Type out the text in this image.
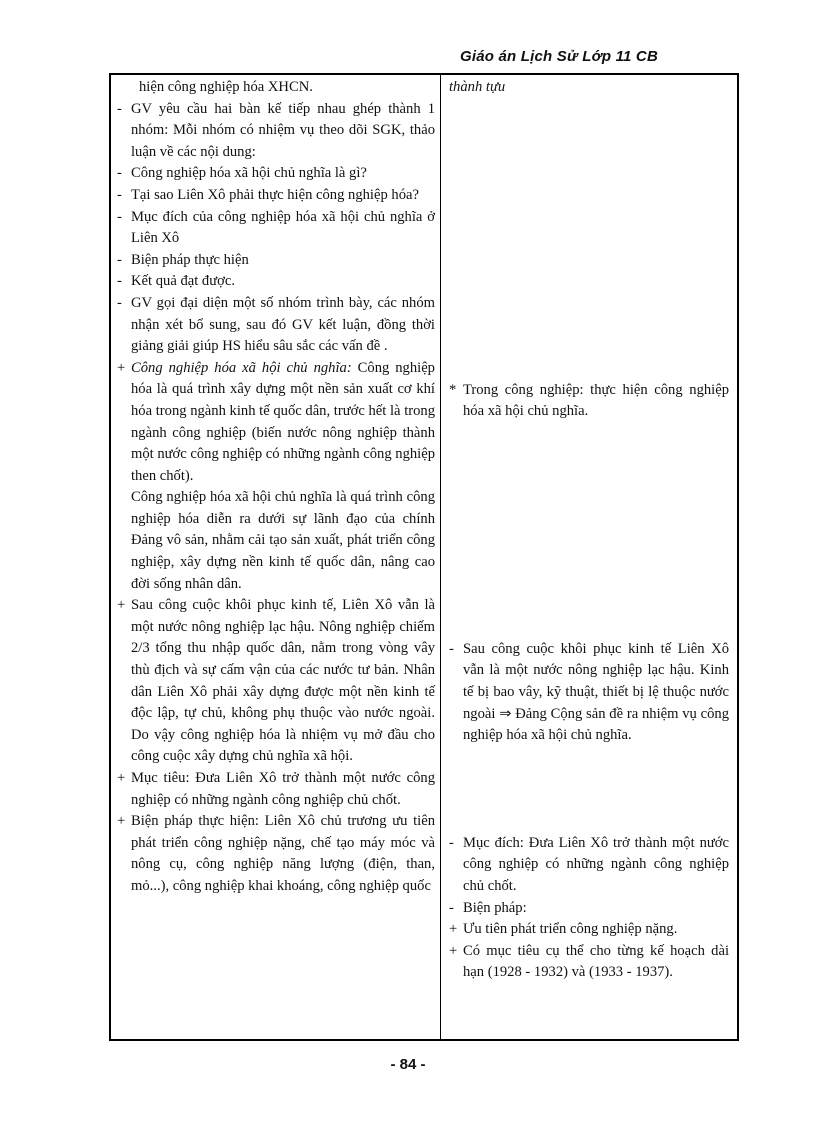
Giáo án Lịch Sử Lớp 11 CB
hiện công nghiệp hóa XHCN.
- GV yêu cầu hai bàn kế tiếp nhau ghép thành 1 nhóm: Mỗi nhóm có nhiệm vụ theo dõi SGK, thảo luận về các nội dung:
- Công nghiệp hóa xã hội chủ nghĩa là gì?
- Tại sao Liên Xô phải thực hiện công nghiệp hóa?
- Mục đích của công nghiệp hóa xã hội chủ nghĩa ở Liên Xô
- Biện pháp thực hiện
- Kết quả đạt được.
- GV gọi đại diện một số nhóm trình bày, các nhóm nhận xét bổ sung, sau đó GV kết luận, đồng thời giảng giải giúp HS hiểu sâu sắc các vấn đề .
+ Công nghiệp hóa xã hội chủ nghĩa: Công nghiệp hóa là quá trình xây dựng một nền sản xuất cơ khí hóa trong ngành kinh tế quốc dân, trước hết là trong ngành công nghiệp (biến nước nông nghiệp thành một nước công nghiệp có những ngành công nghiệp then chốt).
Công nghiệp hóa xã hội chủ nghĩa là quá trình công nghiệp hóa diễn ra dưới sự lãnh đạo của chính Đảng vô sản, nhằm cải tạo sản xuất, phát triển công nghiệp, xây dựng nền kinh tế quốc dân, nâng cao đời sống nhân dân.
+ Sau công cuộc khôi phục kinh tế, Liên Xô vẫn là một nước nông nghiệp lạc hậu. Nông nghiệp chiếm 2/3 tổng thu nhập quốc dân, nằm trong vòng vây thù địch và sự cấm vận của các nước tư bản. Nhân dân Liên Xô phải xây dựng được một nền kinh tế độc lập, tự chủ, không phụ thuộc vào nước ngoài. Do vậy công nghiệp hóa là nhiệm vụ mở đầu cho công cuộc xây dựng chủ nghĩa xã hội.
+ Mục tiêu: Đưa Liên Xô trở thành một nước công nghiệp có những ngành công nghiệp chủ chốt.
+ Biện pháp thực hiện: Liên Xô chủ trương ưu tiên phát triển công nghiệp nặng, chế tạo máy móc và nông cụ, công nghiệp năng lượng (điện, than, mỏ...), công nghiệp khai khoáng, công nghiệp quốc
thành tựu
* Trong công nghiệp: thực hiện công nghiệp hóa xã hội chủ nghĩa.
- Sau công cuộc khôi phục kinh tế Liên Xô vẫn là một nước nông nghiệp lạc hậu. Kinh tế bị bao vây, kỹ thuật, thiết bị lệ thuộc nước ngoài ⇒ Đảng Cộng sản đề ra nhiệm vụ công nghiệp hóa xã hội chủ nghĩa.
- Mục đích: Đưa Liên Xô trở thành một nước công nghiệp có những ngành công nghiệp chủ chốt.
- Biện pháp:
+ Ưu tiên phát triển công nghiệp nặng.
+ Có mục tiêu cụ thể cho từng kế hoạch dài hạn (1928 - 1932) và (1933 - 1937).
- 84 -
